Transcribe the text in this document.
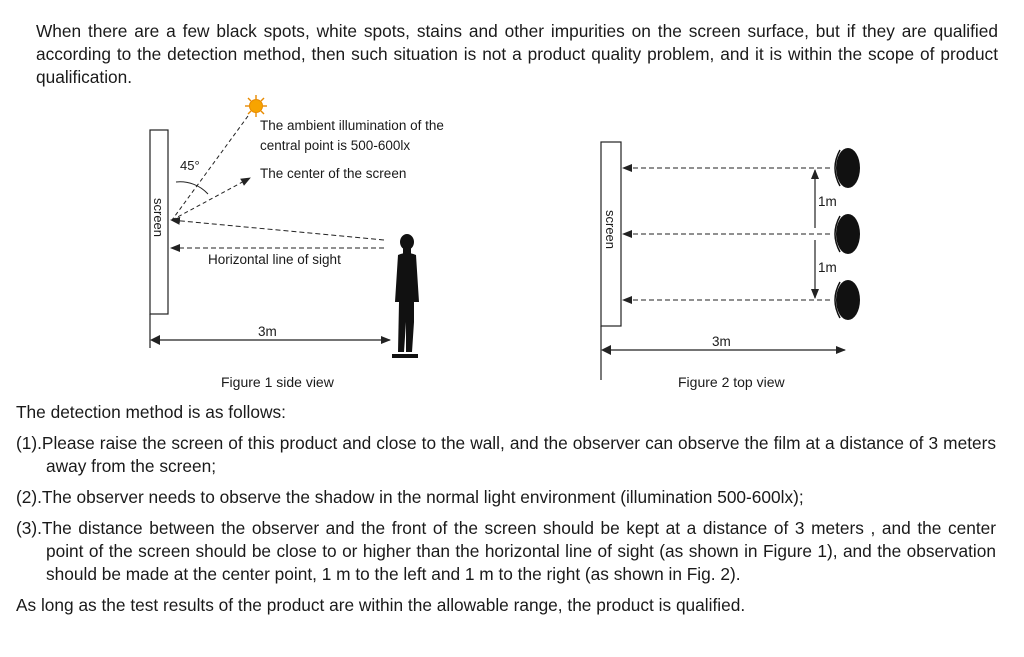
When there are a few black spots, white spots, stains and other impurities on the screen surface, but if they are qualified according to the detection method, then such situation is not a product quality problem, and it is within the scope of product qualification.

screen
45°
The ambient illumination of the
central point is 500-600lx
The center of the screen
Horizontal line of sight
3m
Figure 1 side view
screen
1m
1m
3m
Figure 2 top view

The detection method is as follows:

(1).Please raise the screen of this product and close to the wall, and the observer can observe the film at a distance of 3 meters away from the screen;

(2).The observer needs to observe the shadow in the normal light environment (illumination 500-600lx);

(3).The distance between the observer and the front of the screen should be kept at a distance of 3 meters , and the center point of the screen should be close to or higher than the horizontal line of sight (as shown in Figure 1), and the observation should be made at the center point, 1 m to the left and 1 m to the right (as shown in Fig. 2).

As long as the test results of the product are within the allowable range, the product is qualified.
